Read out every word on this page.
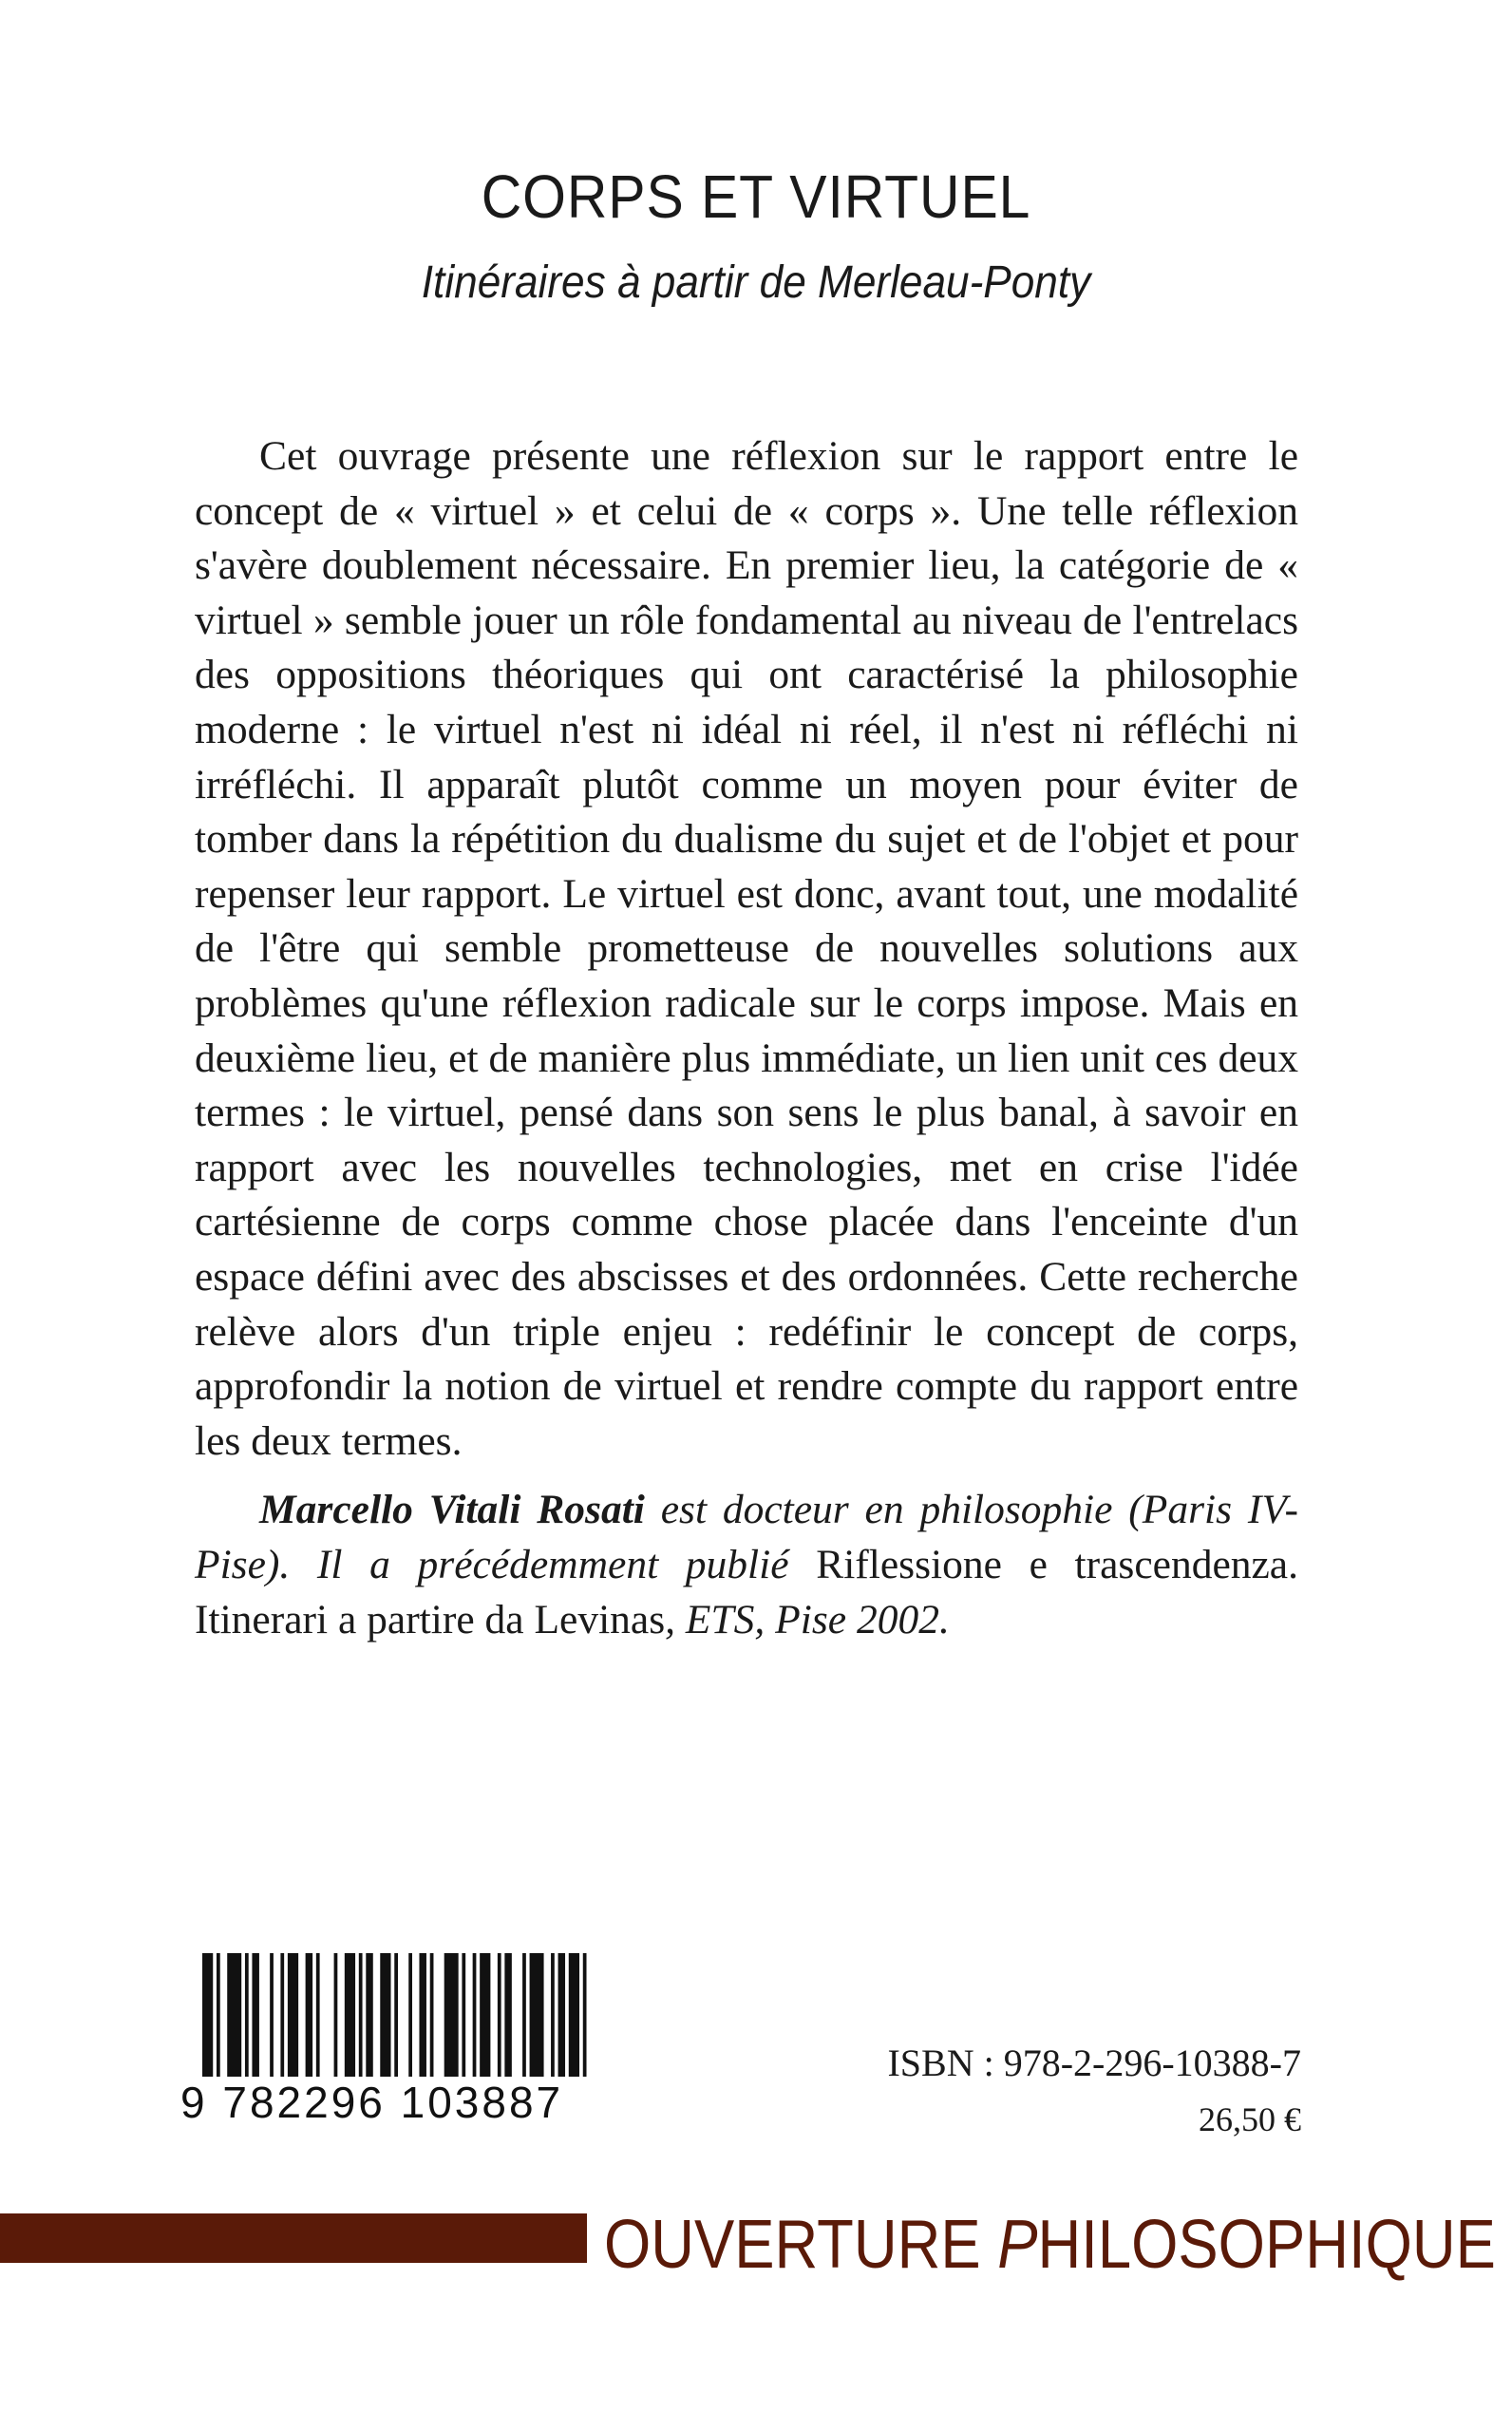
CORPS ET VIRTUEL
Itinéraires à partir de Merleau-Ponty

Cet ouvrage présente une réflexion sur le rapport entre le concept de « virtuel » et celui de « corps ». Une telle réflexion s'avère doublement nécessaire. En premier lieu, la catégorie de « virtuel » semble jouer un rôle fondamental au niveau de l'entrelacs des oppositions théoriques qui ont caractérisé la philosophie moderne : le virtuel n'est ni idéal ni réel, il n'est ni réfléchi ni irréfléchi. Il apparaît plutôt comme un moyen pour éviter de tomber dans la répétition du dualisme du sujet et de l'objet et pour repenser leur rapport. Le virtuel est donc, avant tout, une modalité de l'être qui semble prometteuse de nouvelles solutions aux problèmes qu'une réflexion radicale sur le corps impose. Mais en deuxième lieu, et de manière plus immédiate, un lien unit ces deux termes : le virtuel, pensé dans son sens le plus banal, à savoir en rapport avec les nouvelles technologies, met en crise l'idée cartésienne de corps comme chose placée dans l'enceinte d'un espace défini avec des abscisses et des ordonnées. Cette recherche relève alors d'un triple enjeu : redéfinir le concept de corps, approfondir la notion de virtuel et rendre compte du rapport entre les deux termes.

Marcello Vitali Rosati est docteur en philosophie (Paris IV-Pise). Il a précédemment publié Riflessione e trascendenza. Itinerari a partire da Levinas, ETS, Pise 2002.

9 782296 103887
ISBN : 978-2-296-10388-7
26,50 €
OUVERTURE PHILOSOPHIQUE
